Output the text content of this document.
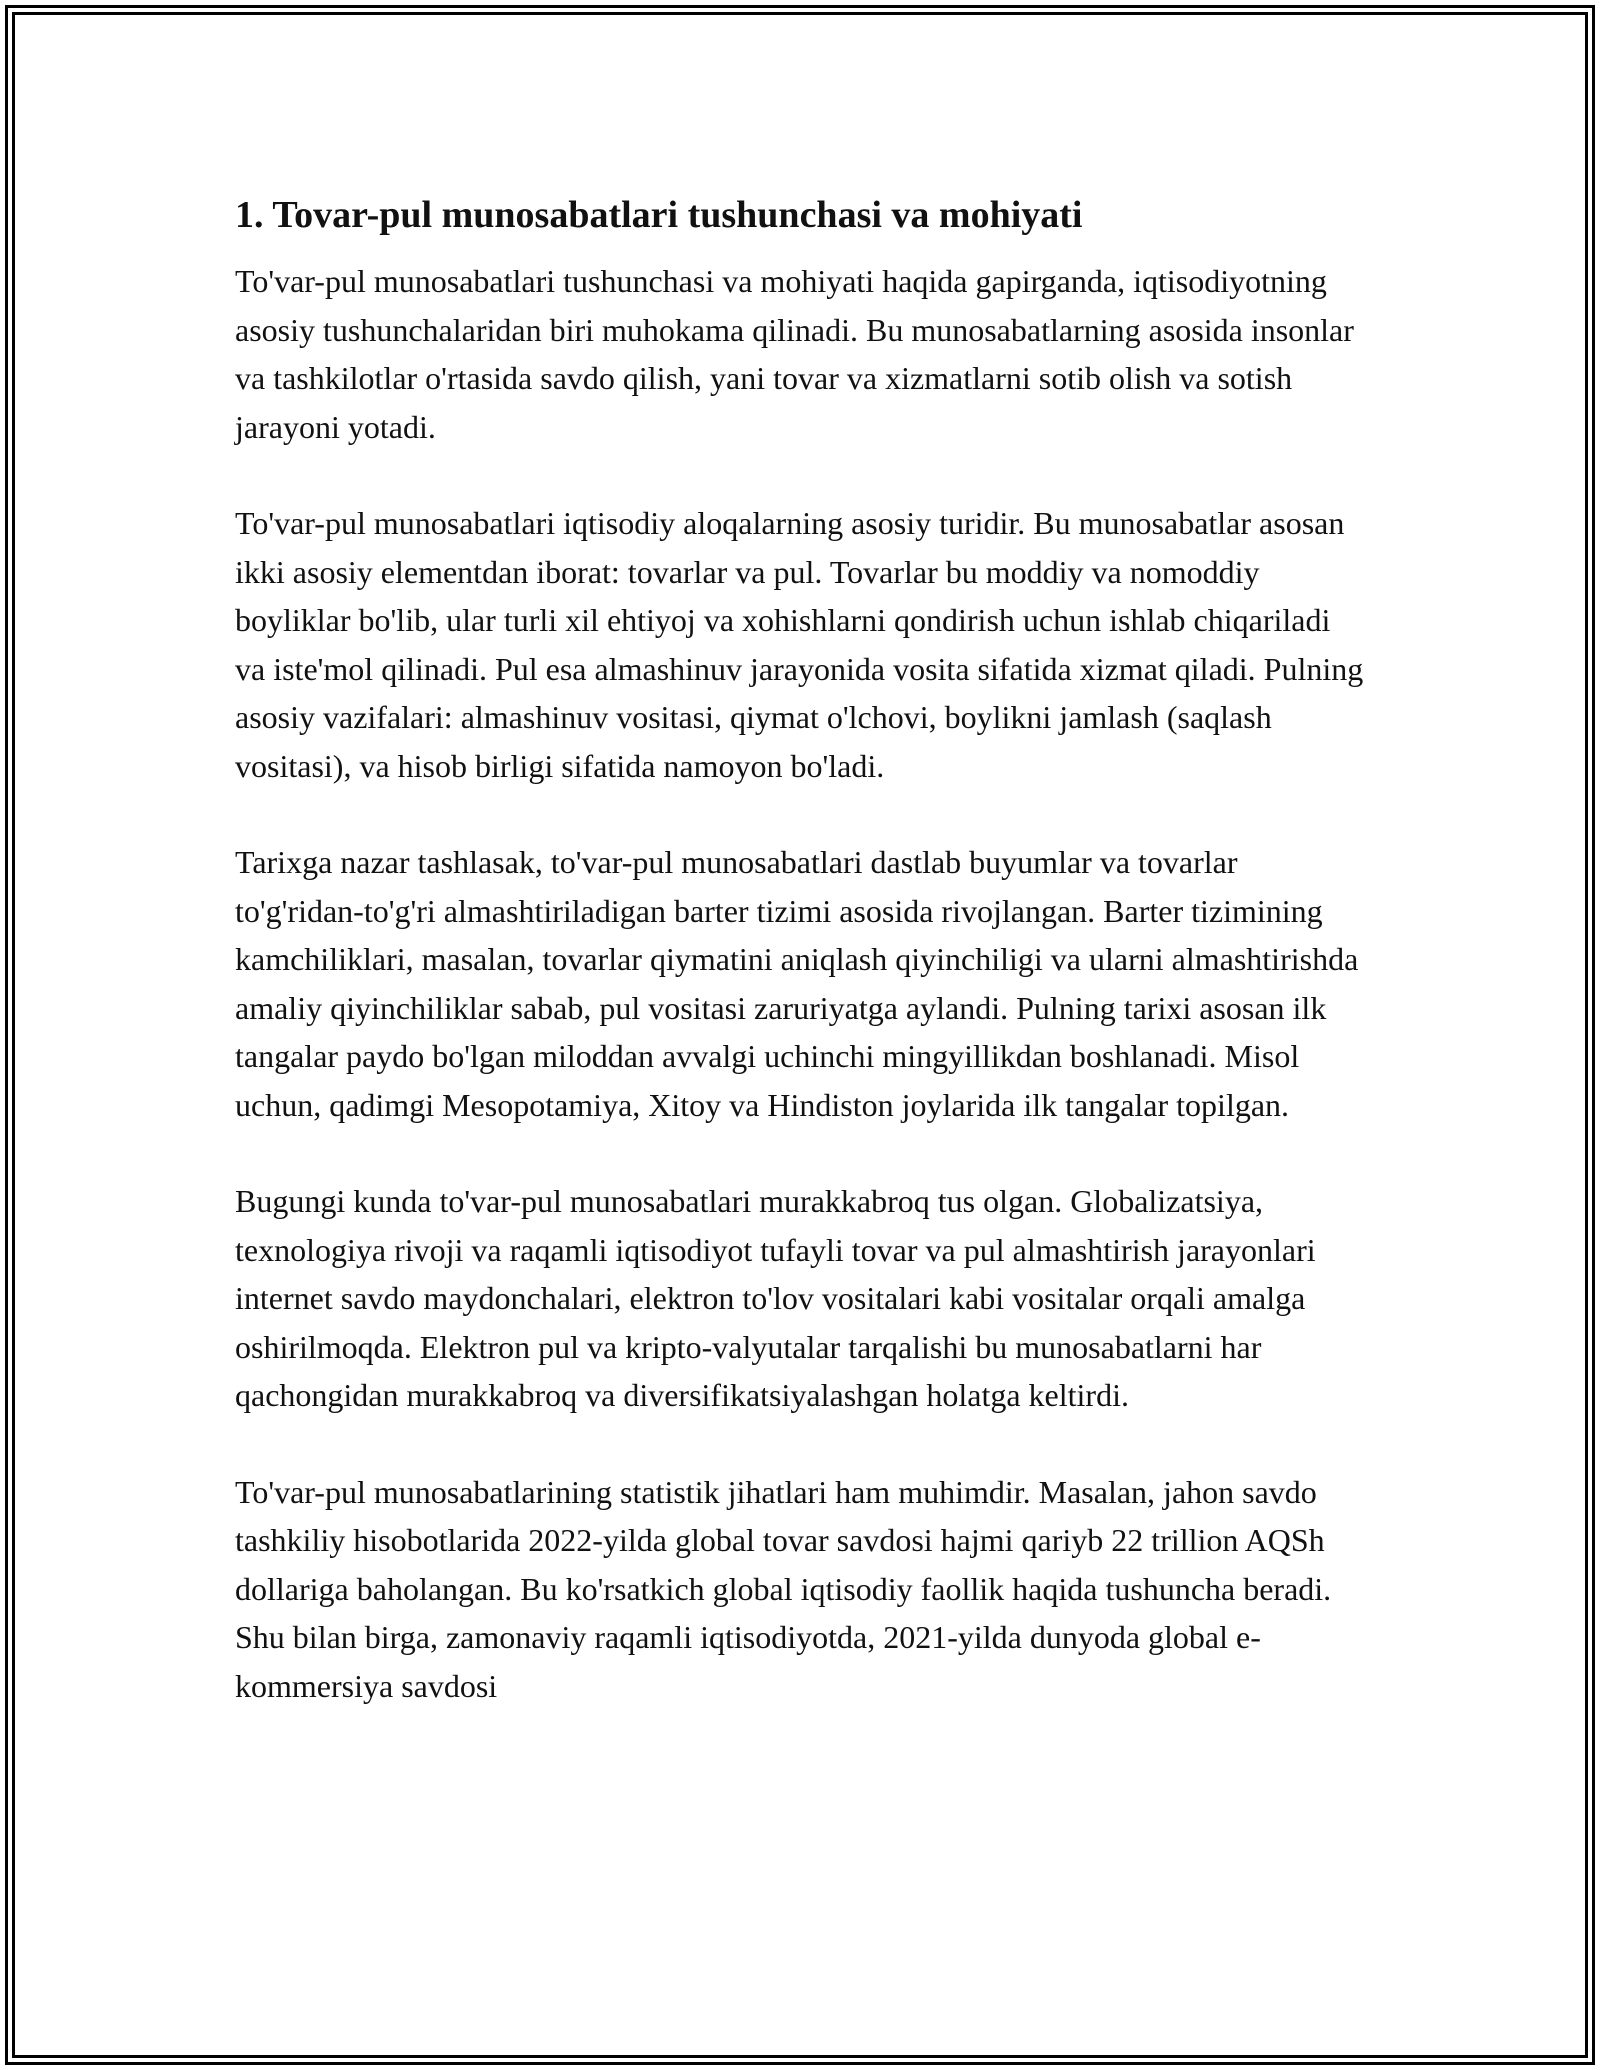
1. Tovar-pul munosabatlari tushunchasi va mohiyati

To'var-pul munosabatlari tushunchasi va mohiyati haqida gapirganda, iqtisodiyotning asosiy tushunchalaridan biri muhokama qilinadi. Bu munosabatlarning asosida insonlar va tashkilotlar o'rtasida savdo qilish, yani tovar va xizmatlarni sotib olish va sotish jarayoni yotadi.

To'var-pul munosabatlari iqtisodiy aloqalarning asosiy turidir. Bu munosabatlar asosan ikki asosiy elementdan iborat: tovarlar va pul. Tovarlar bu moddiy va nomoddiy boyliklar bo'lib, ular turli xil ehtiyoj va xohishlarni qondirish uchun ishlab chiqariladi va iste'mol qilinadi. Pul esa almashinuv jarayonida vosita sifatida xizmat qiladi. Pulning asosiy vazifalari: almashinuv vositasi, qiymat o'lchovi, boylikni jamlash (saqlash vositasi), va hisob birligi sifatida namoyon bo'ladi.

Tarixga nazar tashlasak, to'var-pul munosabatlari dastlab buyumlar va tovarlar to'g'ridan-to'g'ri almashtiriladigan barter tizimi asosida rivojlangan. Barter tizimining kamchiliklari, masalan, tovarlar qiymatini aniqlash qiyinchiligi va ularni almashtirishda amaliy qiyinchiliklar sabab, pul vositasi zaruriyatga aylandi. Pulning tarixi asosan ilk tangalar paydo bo'lgan miloddan avvalgi uchinchi mingyillikdan boshlanadi. Misol uchun, qadimgi Mesopotamiya, Xitoy va Hindiston joylarida ilk tangalar topilgan.

Bugungi kunda to'var-pul munosabatlari murakkabroq tus olgan. Globalizatsiya, texnologiya rivoji va raqamli iqtisodiyot tufayli tovar va pul almashtirish jarayonlari internet savdo maydonchalari, elektron to'lov vositalari kabi vositalar orqali amalga oshirilmoqda. Elektron pul va kripto-valyutalar tarqalishi bu munosabatlarni har qachongidan murakkabroq va diversifikatsiyalashgan holatga keltirdi.

To'var-pul munosabatlarining statistik jihatlari ham muhimdir. Masalan, jahon savdo tashkiliy hisobotlarida 2022-yilda global tovar savdosi hajmi qariyb 22 trillion AQSh dollariga baholangan. Bu ko'rsatkich global iqtisodiy faollik haqida tushuncha beradi. Shu bilan birga, zamonaviy raqamli iqtisodiyotda, 2021-yilda dunyoda global e-kommersiya savdosi
